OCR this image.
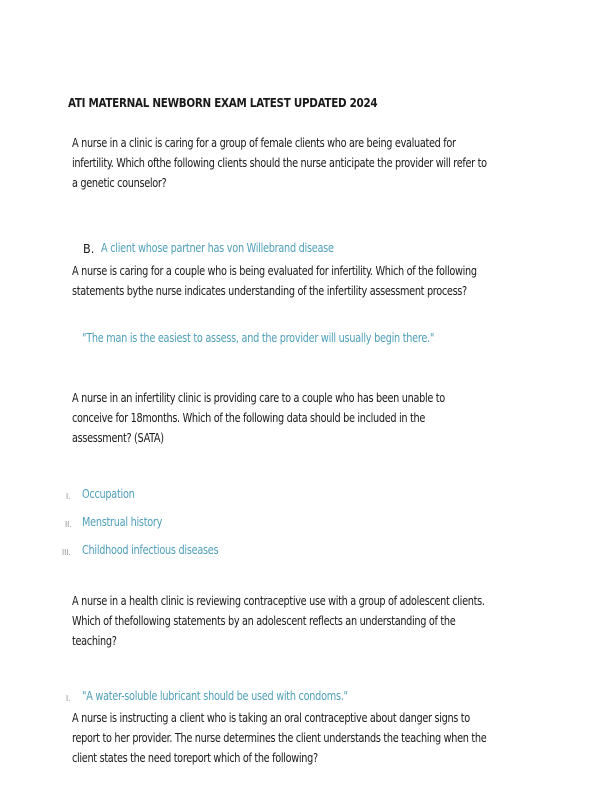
ATI MATERNAL NEWBORN EXAM LATEST UPDATED 2024
A nurse in a clinic is caring for a group of female clients who are being evaluated for
infertility. Which ofthe following clients should the nurse anticipate the provider will refer to
a genetic counselor?
B. A client whose partner has von Willebrand disease
A nurse is caring for a couple who is being evaluated for infertility. Which of the following
statements bythe nurse indicates understanding of the infertility assessment process?
"The man is the easiest to assess, and the provider will usually begin there."
A nurse in an infertility clinic is providing care to a couple who has been unable to
conceive for 18months. Which of the following data should be included in the
assessment? (SATA)
I. Occupation
II. Menstrual history
III. Childhood infectious diseases
A nurse in a health clinic is reviewing contraceptive use with a group of adolescent clients.
Which of thefollowing statements by an adolescent reflects an understanding of the
teaching?
I. "A water-soluble lubricant should be used with condoms."
A nurse is instructing a client who is taking an oral contraceptive about danger signs to
report to her provider. The nurse determines the client understands the teaching when the
client states the need toreport which of the following?
